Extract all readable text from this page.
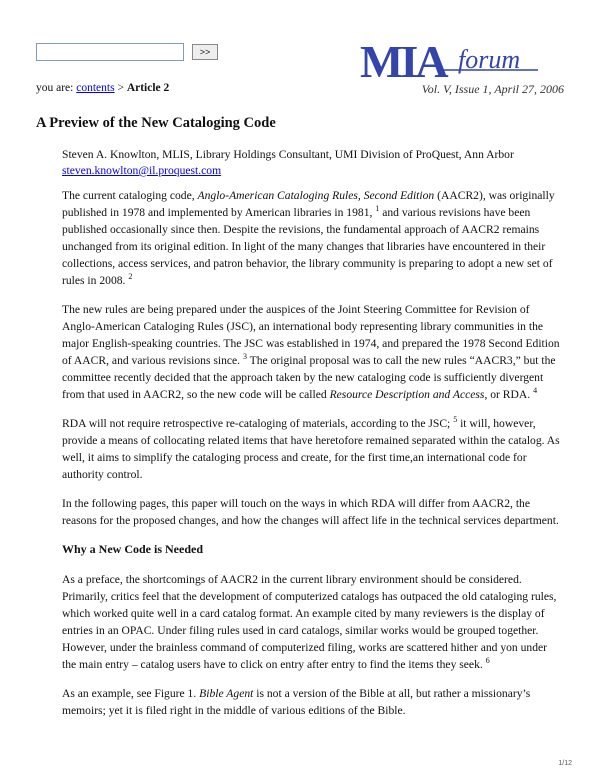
>>	MIA forum
you are: contents > Article 2	Vol. V, Issue 1, April 27, 2006
A Preview of the New Cataloging Code
Steven A. Knowlton, MLIS, Library Holdings Consultant, UMI Division of ProQuest, Ann Arbor
steven.knowlton@il.proquest.com

The current cataloging code, Anglo-American Cataloging Rules, Second Edition (AACR2), was originally published in 1978 and implemented by American libraries in 1981, $^1$ and various revisions have been published occasionally since then. Despite the revisions, the fundamental approach of AACR2 remains unchanged from its original edition. In light of the many changes that libraries have encountered in their collections, access services, and patron behavior, the library community is preparing to adopt a new set of rules in 2008. $^2$

The new rules are being prepared under the auspices of the Joint Steering Committee for Revision of Anglo-American Cataloging Rules (JSC), an international body representing library communities in the major English-speaking countries. The JSC was established in 1974, and prepared the 1978 Second Edition of AACR, and various revisions since. $^3$ The original proposal was to call the new rules “AACR3,” but the committee recently decided that the approach taken by the new cataloging code is sufficiently divergent from that used in AACR2, so the new code will be called Resource Description and Access, or RDA. $^4$

RDA will not require retrospective re-cataloging of materials, according to the JSC; $^5$ it will, however, provide a means of collocating related items that have heretofore remained separated within the catalog. As well, it aims to simplify the cataloging process and create, for the first time,an international code for authority control.

In the following pages, this paper will touch on the ways in which RDA will differ from AACR2, the reasons for the proposed changes, and how the changes will affect life in the technical services department.

Why a New Code is Needed

As a preface, the shortcomings of AACR2 in the current library environment should be considered. Primarily, critics feel that the development of computerized catalogs has outpaced the old cataloging rules, which worked quite well in a card catalog format. An example cited by many reviewers is the display of entries in an OPAC. Under filing rules used in card catalogs, similar works would be grouped together. However, under the brainless command of computerized filing, works are scattered hither and yon under the main entry – catalog users have to click on entry after entry to find the items they seek. $^6$

As an example, see Figure 1. Bible Agent is not a version of the Bible at all, but rather a missionary’s memoirs; yet it is filed right in the middle of various editions of the Bible.

1/12
